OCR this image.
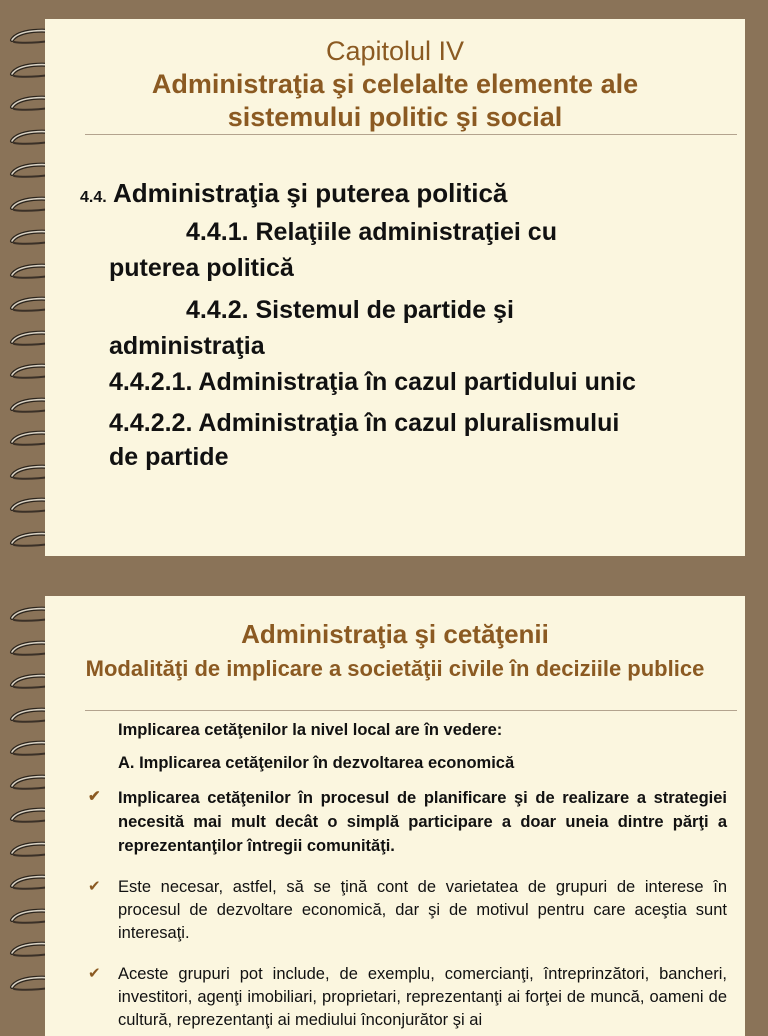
Capitolul IV
Administraţia şi celelalte elemente ale
sistemului politic şi social
4.4. Administraţia şi puterea politică
4.4.1. Relaţiile administraţiei cu
puterea politică
4.4.2. Sistemul de partide şi
administraţia
4.4.2.1. Administraţia în cazul partidului unic
4.4.2.2. Administraţia în cazul pluralismului
de partide
Administraţia şi cetăţenii
Modalităţi de implicare a societăţii civile în deciziile publice
Implicarea cetăţenilor la nivel local are în vedere:
A. Implicarea cetăţenilor în dezvoltarea economică
✔ Implicarea cetăţenilor în procesul de planificare şi de realizare a strategiei necesită mai mult decât o simplă participare a doar uneia dintre părţi a reprezentanţilor întregii comunităţi.
✔ Este necesar, astfel, să se ţină cont de varietatea de grupuri de interese în procesul de dezvoltare economică, dar şi de motivul pentru care aceştia sunt interesaţi.
✔ Aceste grupuri pot include, de exemplu, comercianţi, întreprinzători, bancheri, investitori, agenţi imobiliari, proprietari, reprezentanţi ai forţei de muncă, oameni de cultură, reprezentanţi ai mediului înconjurător şi ai
